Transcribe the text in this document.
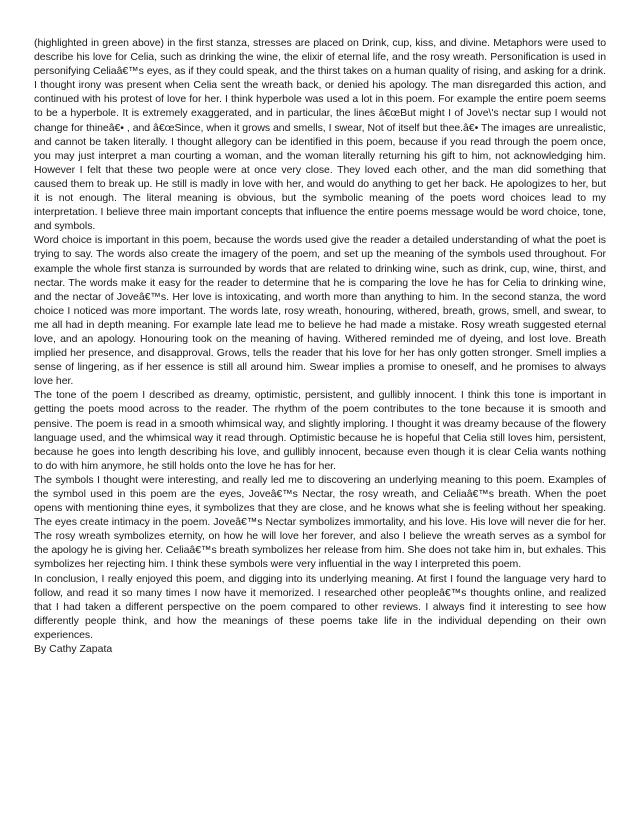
(highlighted in green above) in the first stanza, stresses are placed on Drink, cup, kiss, and divine. Metaphors were used to describe his love for Celia, such as drinking the wine, the elixir of eternal life, and the rosy wreath. Personification is used in personifying Celiaâ€™s eyes, as if they could speak, and the thirst takes on a human quality of rising, and asking for a drink. I thought irony was present when Celia sent the wreath back, or denied his apology. The man disregarded this action, and continued with his protest of love for her. I think hyperbole was used a lot in this poem. For example the entire poem seems to be a hyperbole. It is extremely exaggerated, and in particular, the lines â€œBut might I of Jove\'s nectar sup I would not change for thineâ€• , and â€œSince, when it grows and smells, I swear, Not of itself but thee.â€• The images are unrealistic, and cannot be taken literally. I thought allegory can be identified in this poem, because if you read through the poem once, you may just interpret a man courting a woman, and the woman literally returning his gift to him, not acknowledging him. However I felt that these two people were at once very close. They loved each other, and the man did something that caused them to break up. He still is madly in love with her, and would do anything to get her back. He apologizes to her, but it is not enough. The literal meaning is obvious, but the symbolic meaning of the poets word choices lead to my interpretation. I believe three main important concepts that influence the entire poems message would be word choice, tone, and symbols.

Word choice is important in this poem, because the words used give the reader a detailed understanding of what the poet is trying to say. The words also create the imagery of the poem, and set up the meaning of the symbols used throughout. For example the whole first stanza is surrounded by words that are related to drinking wine, such as drink, cup, wine, thirst, and nectar. The words make it easy for the reader to determine that he is comparing the love he has for Celia to drinking wine, and the nectar of Joveâ€™s. Her love is intoxicating, and worth more than anything to him. In the second stanza, the word choice I noticed was more important. The words late, rosy wreath, honouring, withered, breath, grows, smell, and swear, to me all had in depth meaning. For example late lead me to believe he had made a mistake. Rosy wreath suggested eternal love, and an apology. Honouring took on the meaning of having. Withered reminded me of dyeing, and lost love. Breath implied her presence, and disapproval. Grows, tells the reader that his love for her has only gotten stronger. Smell implies a sense of lingering, as if her essence is still all around him. Swear implies a promise to oneself, and he promises to always love her.

The tone of the poem I described as dreamy, optimistic, persistent, and gullibly innocent. I think this tone is important in getting the poets mood across to the reader. The rhythm of the poem contributes to the tone because it is smooth and pensive. The poem is read in a smooth whimsical way, and slightly imploring. I thought it was dreamy because of the flowery language used, and the whimsical way it read through. Optimistic because he is hopeful that Celia still loves him, persistent, because he goes into length describing his love, and gullibly innocent, because even though it is clear Celia wants nothing to do with him anymore, he still holds onto the love he has for her.

The symbols I thought were interesting, and really led me to discovering an underlying meaning to this poem. Examples of the symbol used in this poem are the eyes, Joveâ€™s Nectar, the rosy wreath, and Celiaâ€™s breath. When the poet opens with mentioning thine eyes, it symbolizes that they are close, and he knows what she is feeling without her speaking. The eyes create intimacy in the poem. Joveâ€™s Nectar symbolizes immortality, and his love. His love will never die for her. The rosy wreath symbolizes eternity, on how he will love her forever, and also I believe the wreath serves as a symbol for the apology he is giving her. Celiaâ€™s breath symbolizes her release from him. She does not take him in, but exhales. This symbolizes her rejecting him. I think these symbols were very influential in the way I interpreted this poem.

In conclusion, I really enjoyed this poem, and digging into its underlying meaning. At first I found the language very hard to follow, and read it so many times I now have it memorized. I researched other peopleâ€™s thoughts online, and realized that I had taken a different perspective on the poem compared to other reviews. I always find it interesting to see how differently people think, and how the meanings of these poems take life in the individual depending on their own experiences.

By Cathy Zapata
